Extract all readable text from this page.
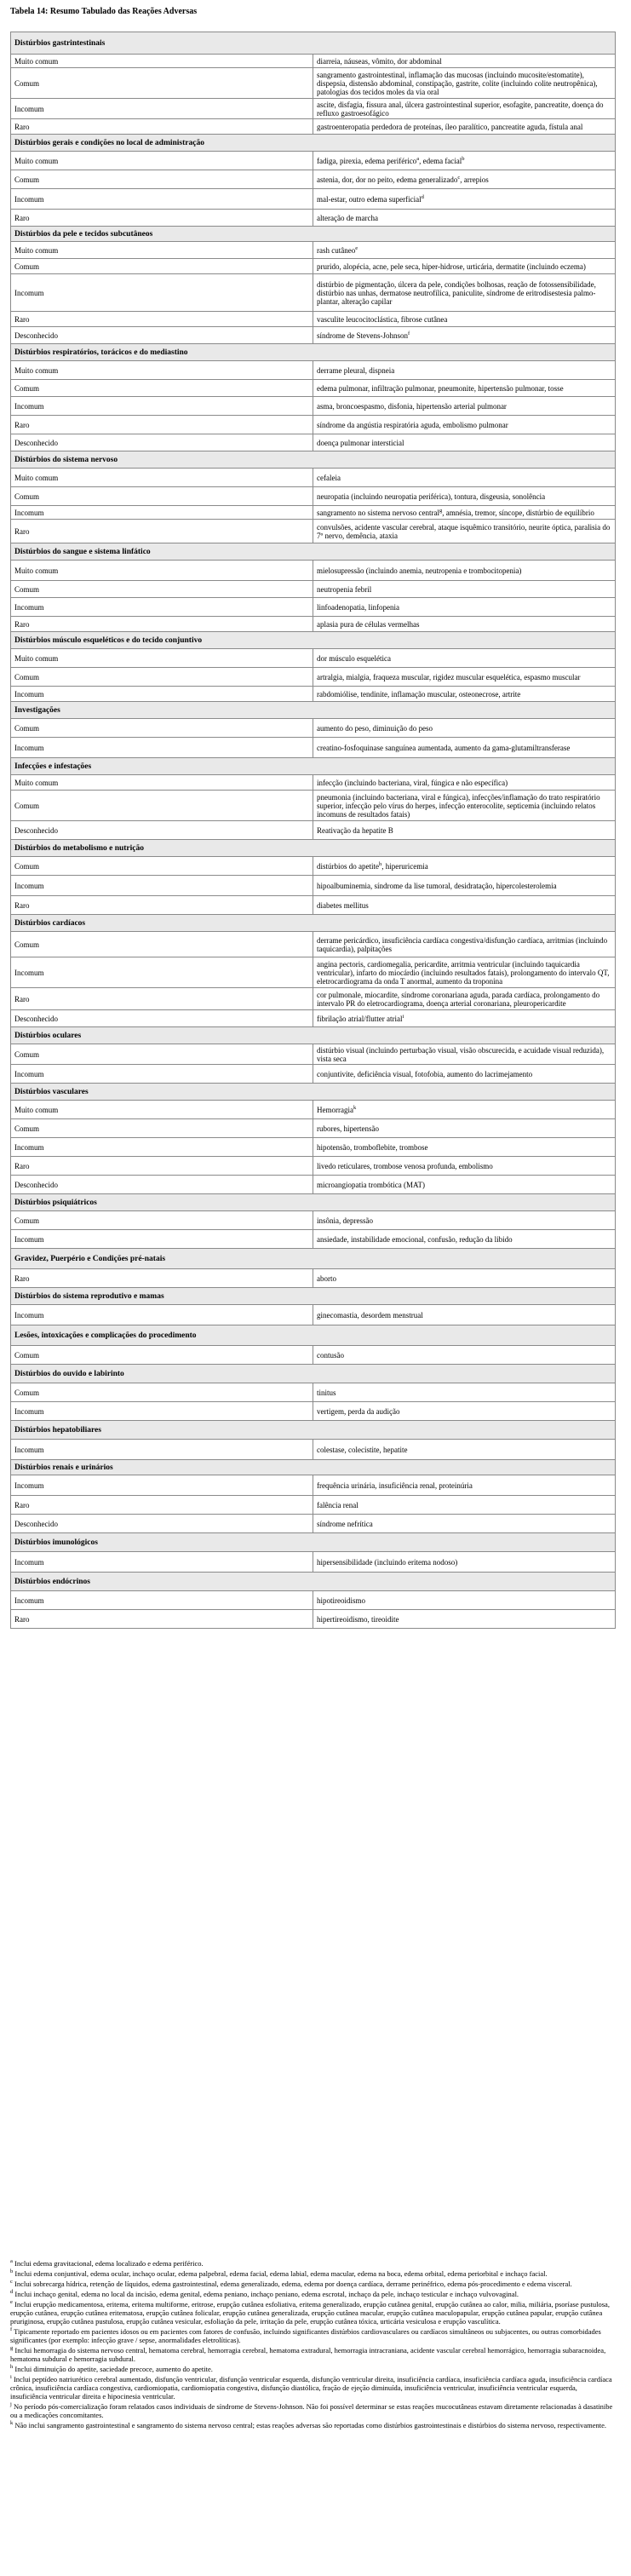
Tabela 14: Resumo Tabulado das Reações Adversas
Distúrbios gastrintestinais	
Muito comum	diarreia, náuseas, vômito, dor abdominal
Comum	sangramento gastrointestinal, inflamação das mucosas (incluindo mucosite/estomatite), dispepsia, distensão abdominal, constipação, gastrite, colite (incluindo colite neutropênica), patologias dos tecidos moles da via oral
Incomum	ascite, disfagia, fissura anal, úlcera gastrointestinal superior, esofagite, pancreatite, doença do refluxo gastroesofágico
Raro	gastroenteropatia perdedora de proteínas, íleo paralítico, pancreatite aguda, fístula anal
Distúrbios gerais e condições no local de administração	
Muito comum	fadiga, pirexia, edema periférico$^a$, edema facial$^b$
Comum	astenia, dor, dor no peito, edema generalizado$^c$, arrepios
Incomum	mal-estar, outro edema superficial$^d$
Raro	alteração de marcha
Distúrbios da pele e tecidos subcutâneos	
Muito comum	rash cutâneo$^e$
Comum	prurido, alopécia, acne, pele seca, hiper-hidrose, urticária, dermatite (incluindo eczema)
Incomum	distúrbio de pigmentação, úlcera da pele, condições bolhosas, reação de fotossensibilidade, distúrbio nas unhas, dermatose neutrofílica, paniculite, síndrome de eritrodisestesia palmo-plantar, alteração capilar
Raro	vasculite leucocitoclástica, fibrose cutânea
Desconhecido	síndrome de Stevens-Johnson$^f$
Distúrbios respiratórios, torácicos e do mediastino	
Muito comum	derrame pleural, dispneia
Comum	edema pulmonar, infiltração pulmonar, pneumonite, hipertensão pulmonar, tosse
Incomum	asma, broncoespasmo, disfonia, hipertensão arterial pulmonar
Raro	síndrome da angústia respiratória aguda, embolismo pulmonar
Desconhecido	doença pulmonar intersticial
Distúrbios do sistema nervoso	
Muito comum	cefaleia
Comum	neuropatia (incluindo neuropatia periférica), tontura, disgeusia, sonolência
Incomum	sangramento no sistema nervoso central$^g$, amnésia, tremor, síncope, distúrbio de equilíbrio
Raro	convulsões, acidente vascular cerebral, ataque isquêmico transitório, neurite óptica, paralisia do 7º nervo, demência, ataxia
Distúrbios do sangue e sistema linfático	
Muito comum	mielosupressão (incluindo anemia, neutropenia e trombocitopenia)
Comum	neutropenia febril
Incomum	linfoadenopatia, linfopenia
Raro	aplasia pura de células vermelhas
Distúrbios músculo esqueléticos e do tecido conjuntivo	
Muito comum	dor músculo esquelética
Comum	artralgia, mialgia, fraqueza muscular, rigidez muscular esquelética, espasmo muscular
Incomum	rabdomiólise, tendinite, inflamação muscular, osteonecrose, artrite
Investigações	
Comum	aumento do peso, diminuição do peso
Incomum	creatino-fosfoquinase sanguínea aumentada, aumento da gama-glutamiltransferase
Infecções e infestações	
Muito comum	infecção (incluindo bacteriana, viral, fúngica e não específica)
Comum	pneumonia (incluindo bacteriana, viral e fúngica), infecções/inflamação do trato respiratório superior, infecção pelo vírus do herpes, infecção enterocolite, septicemia (incluindo relatos incomuns de resultados fatais)
Desconhecido	Reativação da hepatite B
Distúrbios do metabolismo e nutrição	
Comum	distúrbios do apetite$^h$, hiperuricemia
Incomum	hipoalbuminemia, síndrome da lise tumoral, desidratação, hipercolesterolemia
Raro	diabetes mellitus
Distúrbios cardíacos	
Comum	derrame pericárdico, insuficiência cardíaca congestiva/disfunção cardíaca, arritmias (incluindo taquicardia), palpitações
Incomum	angina pectoris, cardiomegalia, pericardite, arritmia ventricular (incluindo taquicardia ventricular), infarto do miocárdio (incluindo resultados fatais), prolongamento do intervalo QT, eletrocardiograma da onda T anormal, aumento da troponina
Raro	cor pulmonale, miocardite, síndrome coronariana aguda, parada cardíaca, prolongamento do intervalo PR do eletrocardiograma, doença arterial coronariana, pleuropericardite
Desconhecido	fibrilação atrial/flutter atrial$^i$
Distúrbios oculares	
Comum	distúrbio visual (incluindo perturbação visual, visão obscurecida, e acuidade visual reduzida), vista seca
Incomum	conjuntivite, deficiência visual, fotofobia, aumento do lacrimejamento
Distúrbios vasculares	
Muito comum	Hemorragia$^k$
Comum	rubores, hipertensão
Incomum	hipotensão, tromboflebite, trombose
Raro	livedo reticulares, trombose venosa profunda, embolismo
Desconhecido	microangiopatia trombótica (MAT)
Distúrbios psiquiátricos	
Comum	insônia, depressão
Incomum	ansiedade, instabilidade emocional, confusão, redução da libido
Gravidez, Puerpério e Condições pré-natais	
Raro	aborto
Distúrbios do sistema reprodutivo e mamas	
Incomum	ginecomastia, desordem menstrual
Lesões, intoxicações e complicações do procedimento	
Comum	contusão
Distúrbios do ouvido e labirinto	
Comum	tinitus
Incomum	vertigem, perda da audição
Distúrbios hepatobiliares	
Incomum	colestase, colecistite, hepatite
Distúrbios renais e urinários	
Incomum	frequência urinária, insuficiência renal, proteinúria
Raro	falência renal
Desconhecido	síndrome nefrítica
Distúrbios imunológicos	
Incomum	hipersensibilidade (incluindo eritema nodoso)
Distúrbios endócrinos	
Incomum	hipotireoidismo
Raro	hipertireoidismo, tireoidite

$^a$ Inclui edema gravitacional, edema localizado e edema periférico.

$^b$ Inclui edema conjuntival, edema ocular, inchaço ocular, edema palpebral, edema facial, edema labial, edema macular, edema na boca, edema orbital, edema periorbital e inchaço facial.

$^c$ Inclui sobrecarga hídrica, retenção de líquidos, edema gastrointestinal, edema generalizado, edema, edema por doença cardíaca, derrame perinéfrico, edema pós-procedimento e edema visceral.

$^d$ Inclui inchaço genital, edema no local da incisão, edema genital, edema peniano, inchaço peniano, edema escrotal, inchaço da pele, inchaço testicular e inchaço vulvovaginal.

$^e$ Inclui erupção medicamentosa, eritema, eritema multiforme, eritrose, erupção cutânea esfoliativa, eritema generalizado, erupção cutânea genital, erupção cutânea ao calor, milia, miliária, psoríase pustulosa, erupção cutânea, erupção cutânea eritematosa, erupção cutânea folicular, erupção cutânea generalizada, erupção cutânea macular, erupção cutânea maculopapular, erupção cutânea papular, erupção cutânea pruriginosa, erupção cutânea pustulosa, erupção cutânea vesicular, esfoliação da pele, irritação da pele, erupção cutânea tóxica, urticária vesiculosa e erupção vasculítica.

$^f$ Tipicamente reportado em pacientes idosos ou em pacientes com fatores de confusão, incluindo significantes distúrbios cardiovasculares ou cardíacos simultâneos ou subjacentes, ou outras comorbidades significantes (por exemplo: infecção grave / sepse, anormalidades eletrolíticas).

$^g$ Inclui hemorragia do sistema nervoso central, hematoma cerebral, hemorragia cerebral, hematoma extradural, hemorragia intracraniana, acidente vascular cerebral hemorrágico, hemorragia subaracnoidea, hematoma subdural e hemorragia subdural.

$^h$ Inclui diminuição do apetite, saciedade precoce, aumento do apetite.

$^i$ Inclui peptídeo natriurético cerebral aumentado, disfunção ventricular, disfunção ventricular esquerda, disfunção ventricular direita, insuficiência cardíaca, insuficiência cardíaca aguda, insuficiência cardíaca crônica, insuficiência cardíaca congestiva, cardiomiopatia, cardiomiopatia congestiva, disfunção diastólica, fração de ejeção diminuída, insuficiência ventricular, insuficiência ventricular esquerda, insuficiência ventricular direita e hipocinesia ventricular.

$^j$ No período pós-comercialização foram relatados casos individuais de síndrome de Stevens-Johnson. Não foi possível determinar se estas reações mucocutâneas estavam diretamente relacionadas à dasatinibe ou a medicações concomitantes.

$^k$ Não inclui sangramento gastrointestinal e sangramento do sistema nervoso central; estas reações adversas são reportadas como distúrbios gastrointestinais e distúrbios do sistema nervoso, respectivamente.
